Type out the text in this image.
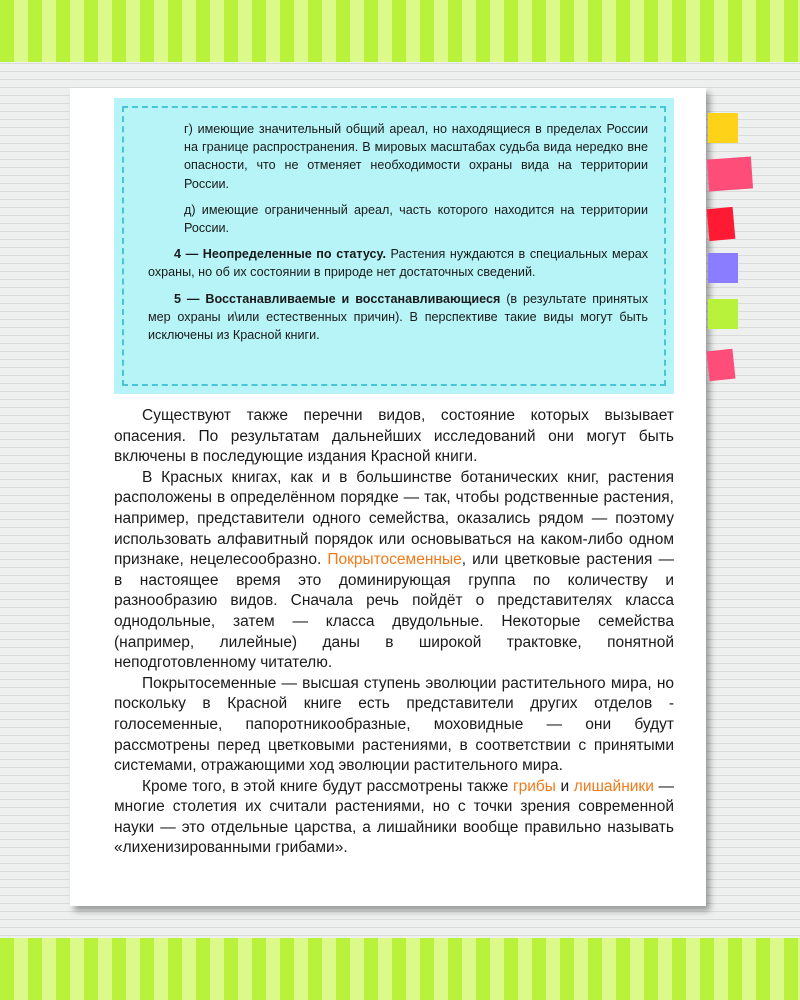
г) имеющие значительный общий ареал, но находящиеся в пределах России на границе распространения. В мировых масштабах судьба вида нередко вне опасности, что не отменяет необходимости охраны вида на территории России.

д) имеющие ограниченный ареал, часть которого находится на территории России.

4 — Неопределенные по статусу. Растения нуждаются в специальных мерах охраны, но об их состоянии в природе нет достаточных сведений.

5 — Восстанавливаемые и восстанавливающиеся (в результате принятых мер охраны и\или естественных причин). В перспективе такие виды могут быть исключены из Красной книги.

Существуют также перечни видов, состояние которых вызывает опасения. По результатам дальнейших исследований они могут быть включены в последующие издания Красной книги.

В Красных книгах, как и в большинстве ботанических книг, растения расположены в определённом порядке — так, чтобы родственные растения, например, представители одного семейства, оказались рядом — поэтому использовать алфавитный порядок или основываться на каком-либо одном признаке, нецелесообразно. Покрытосеменные, или цветковые растения — в настоящее время это доминирующая группа по количеству и разнообразию видов. Сначала речь пойдёт о представителях класса однодольные, затем — класса двудольные. Некоторые семейства (например, лилейные) даны в широкой трактовке, понятной неподготовленному читателю.

Покрытосеменные — высшая ступень эволюции растительного мира, но поскольку в Красной книге есть представители других отделов - голосеменные, папоротникообразные, моховидные — они будут рассмотрены перед цветковыми растениями, в соответствии с принятыми системами, отражающими ход эволюции растительного мира.

Кроме того, в этой книге будут рассмотрены также грибы и лишайники — многие столетия их считали растениями, но с точки зрения современной науки — это отдельные царства, а лишайники вообще правильно называть «лихенизированными грибами».
